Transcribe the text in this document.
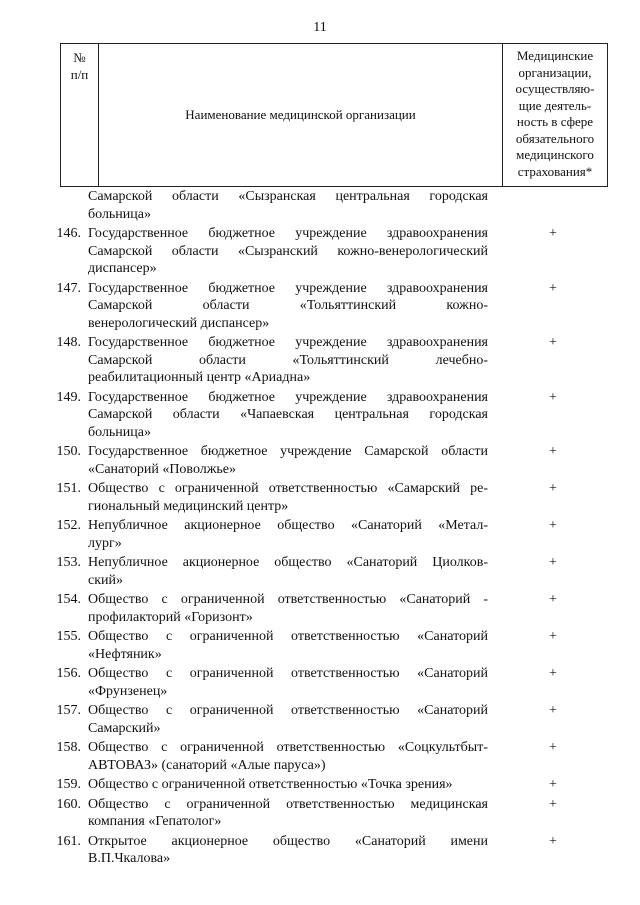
11
№
п/п
Наименование медицинской организации
Медицинские
организации,
осуществляю-
щие деятель-
ность в сфере
обязательного
медицинского
страхования*
Самарской области «Сызранская центральная городская
больница»
146. Государственное бюджетное учреждение здравоохранения
Самарской области «Сызранский кожно-венерологический
диспансер»
+
147. Государственное бюджетное учреждение здравоохранения
Самарской области «Тольяттинский кожно-
венерологический диспансер»
+
148. Государственное бюджетное учреждение здравоохранения
Самарской области «Тольяттинский лечебно-
реабилитационный центр «Ариадна»
+
149. Государственное бюджетное учреждение здравоохранения
Самарской области «Чапаевская центральная городская
больница»
+
150. Государственное бюджетное учреждение Самарской области
«Санаторий «Поволжье»
+
151. Общество с ограниченной ответственностью «Самарский ре-
гиональный медицинский центр»
+
152. Непубличное акционерное общество «Санаторий «Метал-
лург»
+
153. Непубличное акционерное общество «Санаторий Циолков-
ский»
+
154. Общество с ограниченной ответственностью «Санаторий -
профилакторий «Горизонт»
+
155. Общество с ограниченной ответственностью «Санаторий
«Нефтяник»
+
156. Общество с ограниченной ответственностью «Санаторий
«Фрунзенец»
+
157. Общество с ограниченной ответственностью «Санаторий
Самарский»
+
158. Общество с ограниченной ответственностью «Соцкультбыт-
АВТОВАЗ» (санаторий «Алые паруса»)
+
159. Общество с ограниченной ответственностью «Точка зрения»	+
160. Общество с ограниченной ответственностью медицинская
компания «Гепатолог»
+
161. Открытое акционерное общество «Санаторий имени
В.П.Чкалова»
+
